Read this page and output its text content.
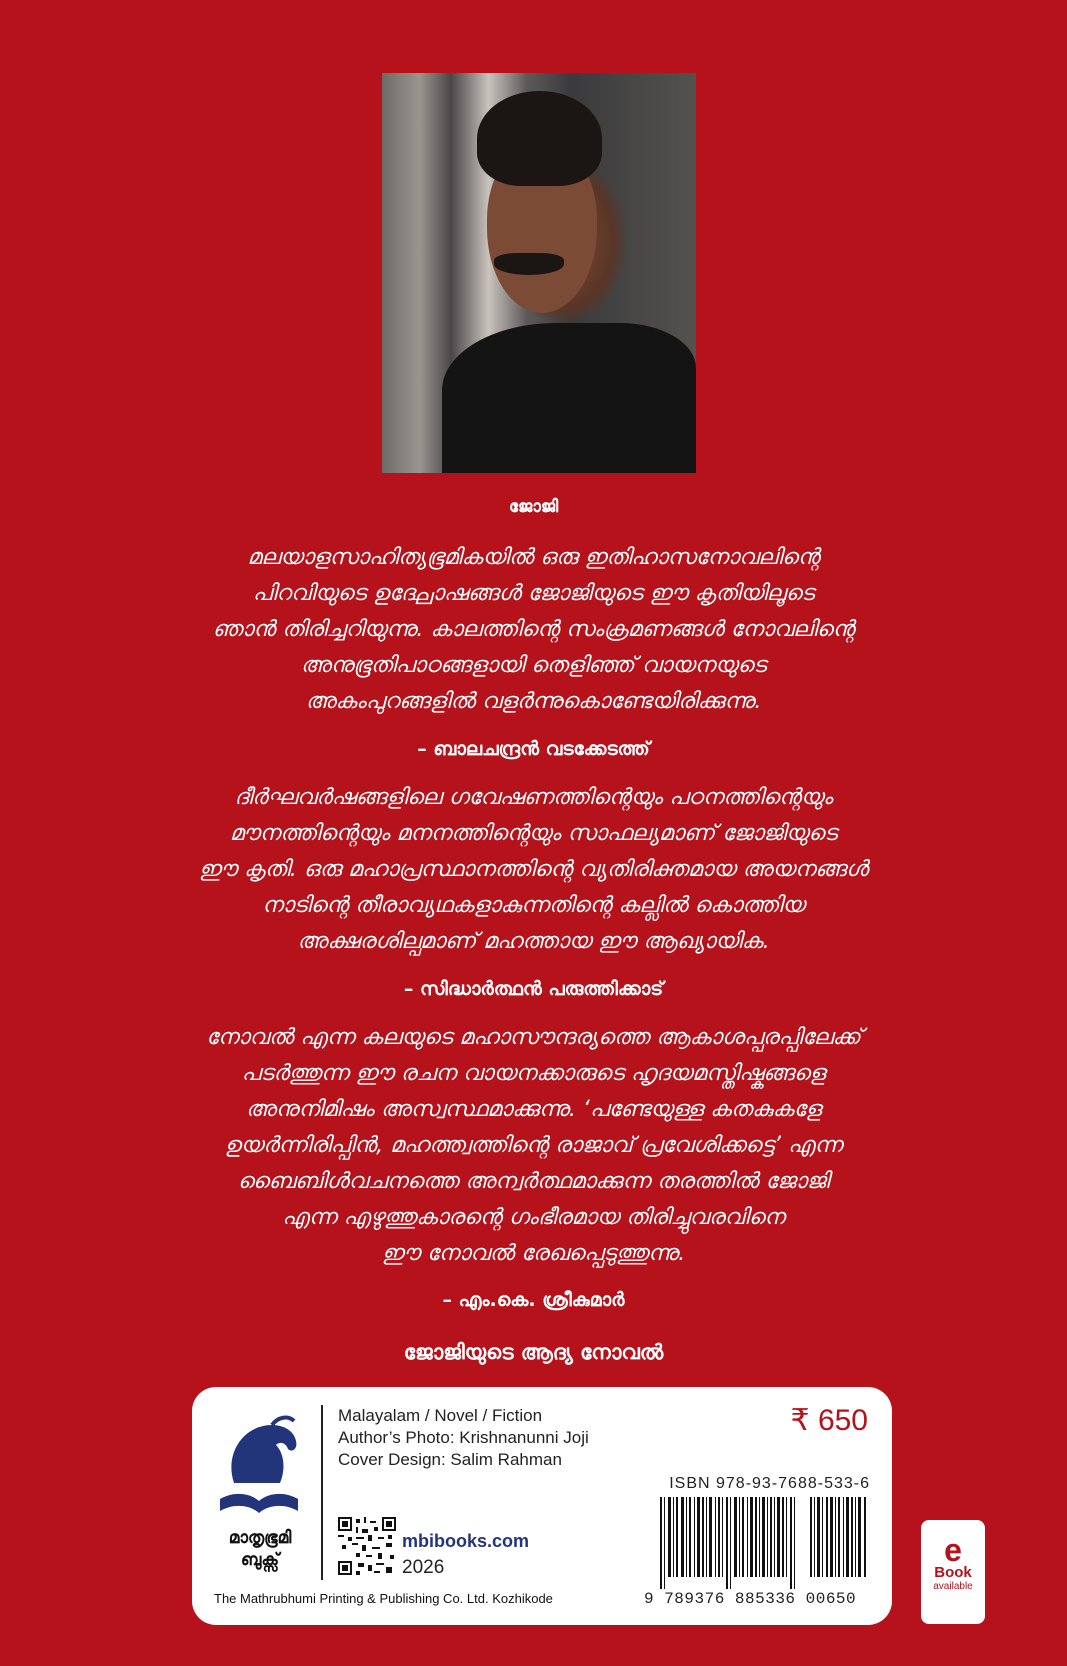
ജോജി
മലയാളസാഹിത്യഭൂമികയിൽ ഒരു ഇതിഹാസനോവലിന്റെ
പിറവിയുടെ ഉദ്ഘോഷങ്ങൾ ജോജിയുടെ ഈ കൃതിയിലൂടെ
ഞാൻ തിരിച്ചറിയുന്നു. കാലത്തിന്റെ സംക്രമണങ്ങൾ നോവലിന്റെ
അനുഭൂതിപാഠങ്ങളായി തെളിഞ്ഞ് വായനയുടെ
അകംപുറങ്ങളിൽ വളർന്നുകൊണ്ടേയിരിക്കുന്നു.
– ബാലചന്ദ്രൻ വടക്കേടത്ത്
ദീർഘവർഷങ്ങളിലെ ഗവേഷണത്തിന്റെയും പഠനത്തിന്റെയും
മൗനത്തിന്റെയും മനനത്തിന്റെയും സാഫല്യമാണ് ജോജിയുടെ
ഈ കൃതി. ഒരു മഹാപ്രസ്ഥാനത്തിന്റെ വ്യതിരിക്തമായ അയനങ്ങൾ
നാടിന്റെ തീരാവ്യഥകളാകുന്നതിന്റെ കല്ലിൽ കൊത്തിയ
അക്ഷരശില്പമാണ് മഹത്തായ ഈ ആഖ്യായിക.
– സിദ്ധാർത്ഥൻ പരുത്തിക്കാട്
നോവൽ എന്ന കലയുടെ മഹാസൗന്ദര്യത്തെ ആകാശപ്പരപ്പിലേക്ക്
പടർത്തുന്ന ഈ രചന വായനക്കാരുടെ ഹൃദയമസ്തിഷ്കങ്ങളെ
അനുനിമിഷം അസ്വസ്ഥമാക്കുന്നു. ‘പണ്ടേയുള്ള കതകുകളേ
ഉയർന്നിരിപ്പിൻ, മഹത്ത്വത്തിന്റെ രാജാവ് പ്രവേശിക്കട്ടെ’ എന്ന
ബൈബിൾവചനത്തെ അന്വർത്ഥമാക്കുന്ന തരത്തിൽ ജോജി
എന്ന എഴുത്തുകാരന്റെ ഗംഭീരമായ തിരിച്ചുവരവിനെ
ഈ നോവൽ രേഖപ്പെടുത്തുന്നു.
– എം.കെ. ശ്രീകുമാർ
ജോജിയുടെ ആദ്യ നോവൽ
മാതൃഭൂമി
ബുക്സ്
Malayalam / Novel / Fiction
Author’s Photo: Krishnanunni Joji
Cover Design: Salim Rahman
₹ 650
ISBN 978-93-7688-533-6
9 789376 885336 00650
mbibooks.com
2026
The Mathrubhumi Printing & Publishing Co. Ltd. Kozhikode
e
Book
available
